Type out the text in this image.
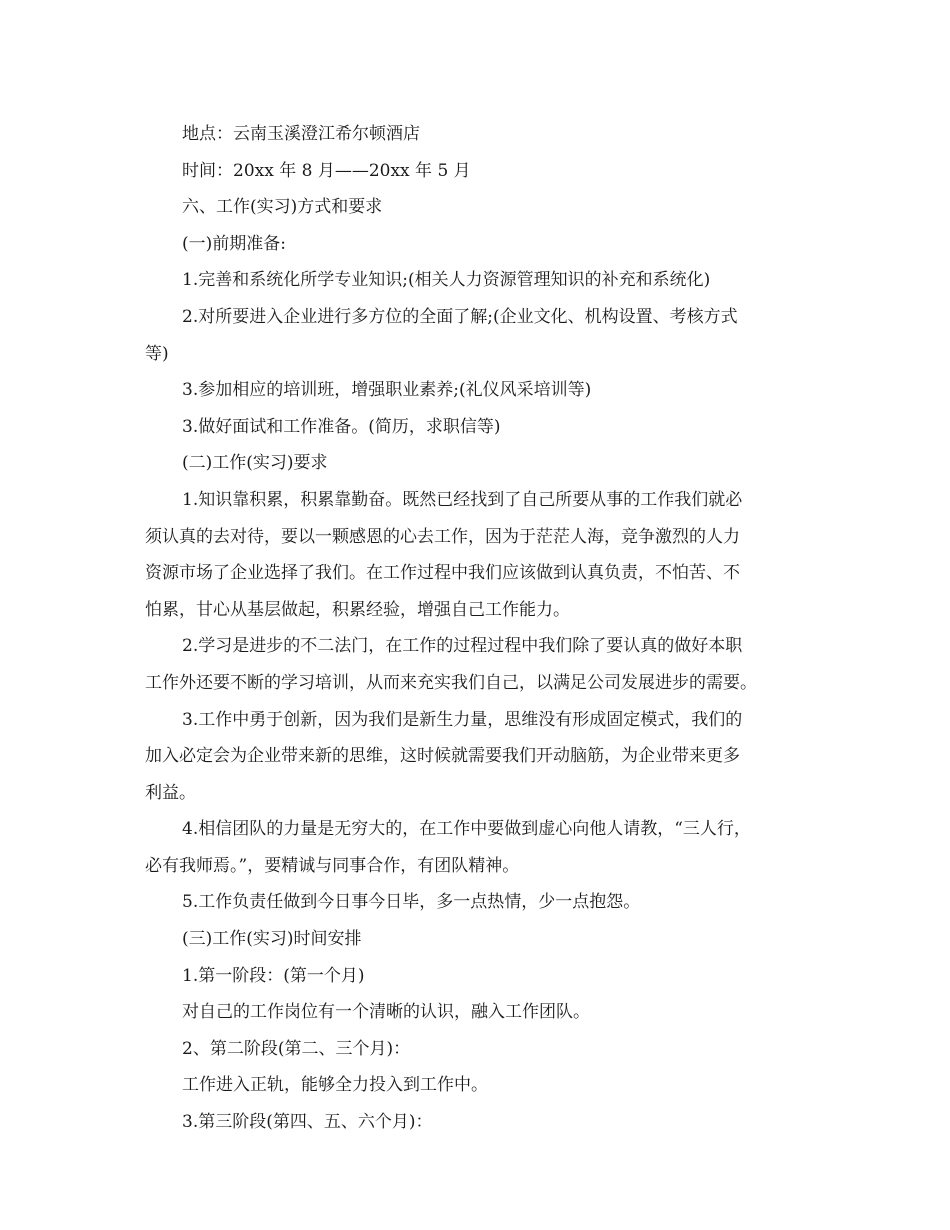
地点：云南玉溪澄江希尔顿酒店
时间：20xx 年 8 月——20xx 年 5 月
六、工作(实习)方式和要求
(一)前期准备:
1.完善和系统化所学专业知识;(相关人力资源管理知识的补充和系统化)
2.对所要进入企业进行多方位的全面了解;(企业文化、机构设置、考核方式
等)
3.参加相应的培训班，增强职业素养;(礼仪风采培训等)
3.做好面试和工作准备。(简历，求职信等)
(二)工作(实习)要求
1.知识靠积累，积累靠勤奋。既然已经找到了自己所要从事的工作我们就必
须认真的去对待，要以一颗感恩的心去工作，因为于茫茫人海，竞争激烈的人力
资源市场了企业选择了我们。在工作过程中我们应该做到认真负责，不怕苦、不
怕累，甘心从基层做起，积累经验，增强自己工作能力。
2.学习是进步的不二法门，在工作的过程过程中我们除了要认真的做好本职
工作外还要不断的学习培训，从而来充实我们自己，以满足公司发展进步的需要。
3.工作中勇于创新，因为我们是新生力量，思维没有形成固定模式，我们的
加入必定会为企业带来新的思维，这时候就需要我们开动脑筋，为企业带来更多
利益。
4.相信团队的力量是无穷大的，在工作中要做到虚心向他人请教，“三人行，
必有我师焉。”，要精诚与同事合作，有团队精神。
5.工作负责任做到今日事今日毕，多一点热情，少一点抱怨。
(三)工作(实习)时间安排
1.第一阶段：(第一个月)
对自己的工作岗位有一个清晰的认识，融入工作团队。
2、第二阶段(第二、三个月)：
工作进入正轨，能够全力投入到工作中。
3.第三阶段(第四、五、六个月)：
